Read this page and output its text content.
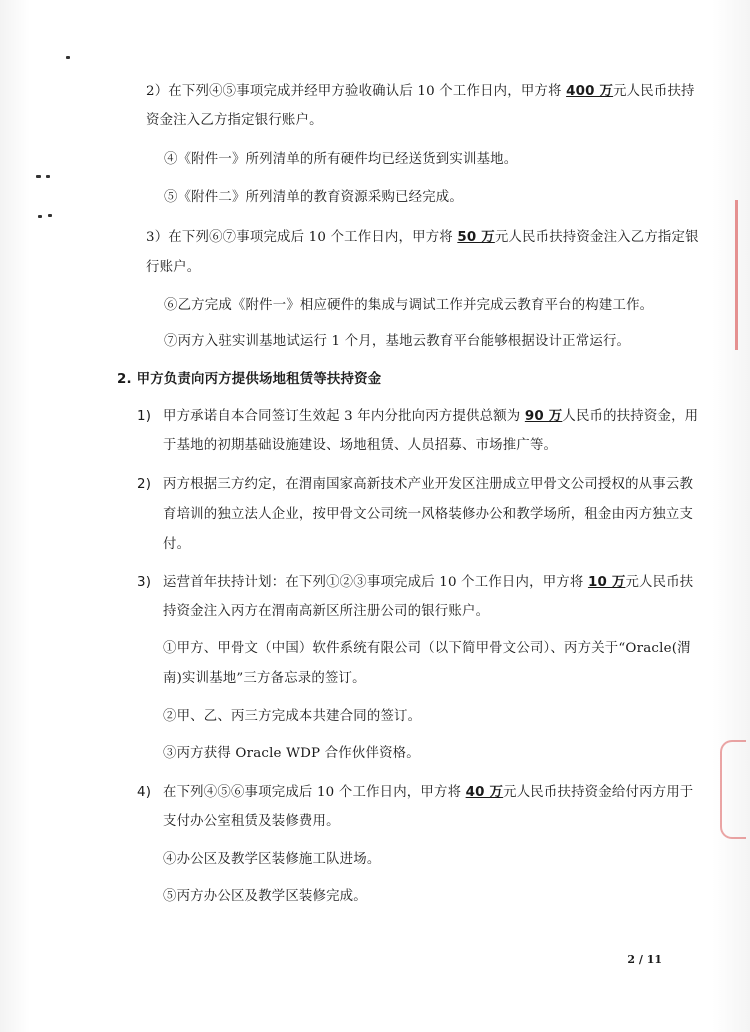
2）在下列④⑤事项完成并经甲方验收确认后 10 个工作日内，甲方将 400 万元人民币扶持
资金注入乙方指定银行账户。
④《附件一》所列清单的所有硬件均已经送货到实训基地。
⑤《附件二》所列清单的教育资源采购已经完成。
3）在下列⑥⑦事项完成后 10 个工作日内，甲方将 50 万元人民币扶持资金注入乙方指定银
行账户。
⑥乙方完成《附件一》相应硬件的集成与调试工作并完成云教育平台的构建工作。
⑦丙方入驻实训基地试运行 1 个月，基地云教育平台能够根据设计正常运行。
2. 甲方负责向丙方提供场地租赁等扶持资金
1) 甲方承诺自本合同签订生效起 3 年内分批向丙方提供总额为 90 万人民币的扶持资金，用
于基地的初期基础设施建设、场地租赁、人员招募、市场推广等。
2) 丙方根据三方约定，在渭南国家高新技术产业开发区注册成立甲骨文公司授权的从事云教
育培训的独立法人企业，按甲骨文公司统一风格装修办公和教学场所，租金由丙方独立支
付。
3) 运营首年扶持计划：在下列①②③事项完成后 10 个工作日内，甲方将 10 万元人民币扶
持资金注入丙方在渭南高新区所注册公司的银行账户。
①甲方、甲骨文（中国）软件系统有限公司（以下简甲骨文公司）、丙方关于“Oracle(渭
南)实训基地”三方备忘录的签订。
②甲、乙、丙三方完成本共建合同的签订。
③丙方获得 Oracle WDP 合作伙伴资格。
4) 在下列④⑤⑥事项完成后 10 个工作日内，甲方将 40 万元人民币扶持资金给付丙方用于
支付办公室租赁及装修费用。
④办公区及教学区装修施工队进场。
⑤丙方办公区及教学区装修完成。
2 / 11
